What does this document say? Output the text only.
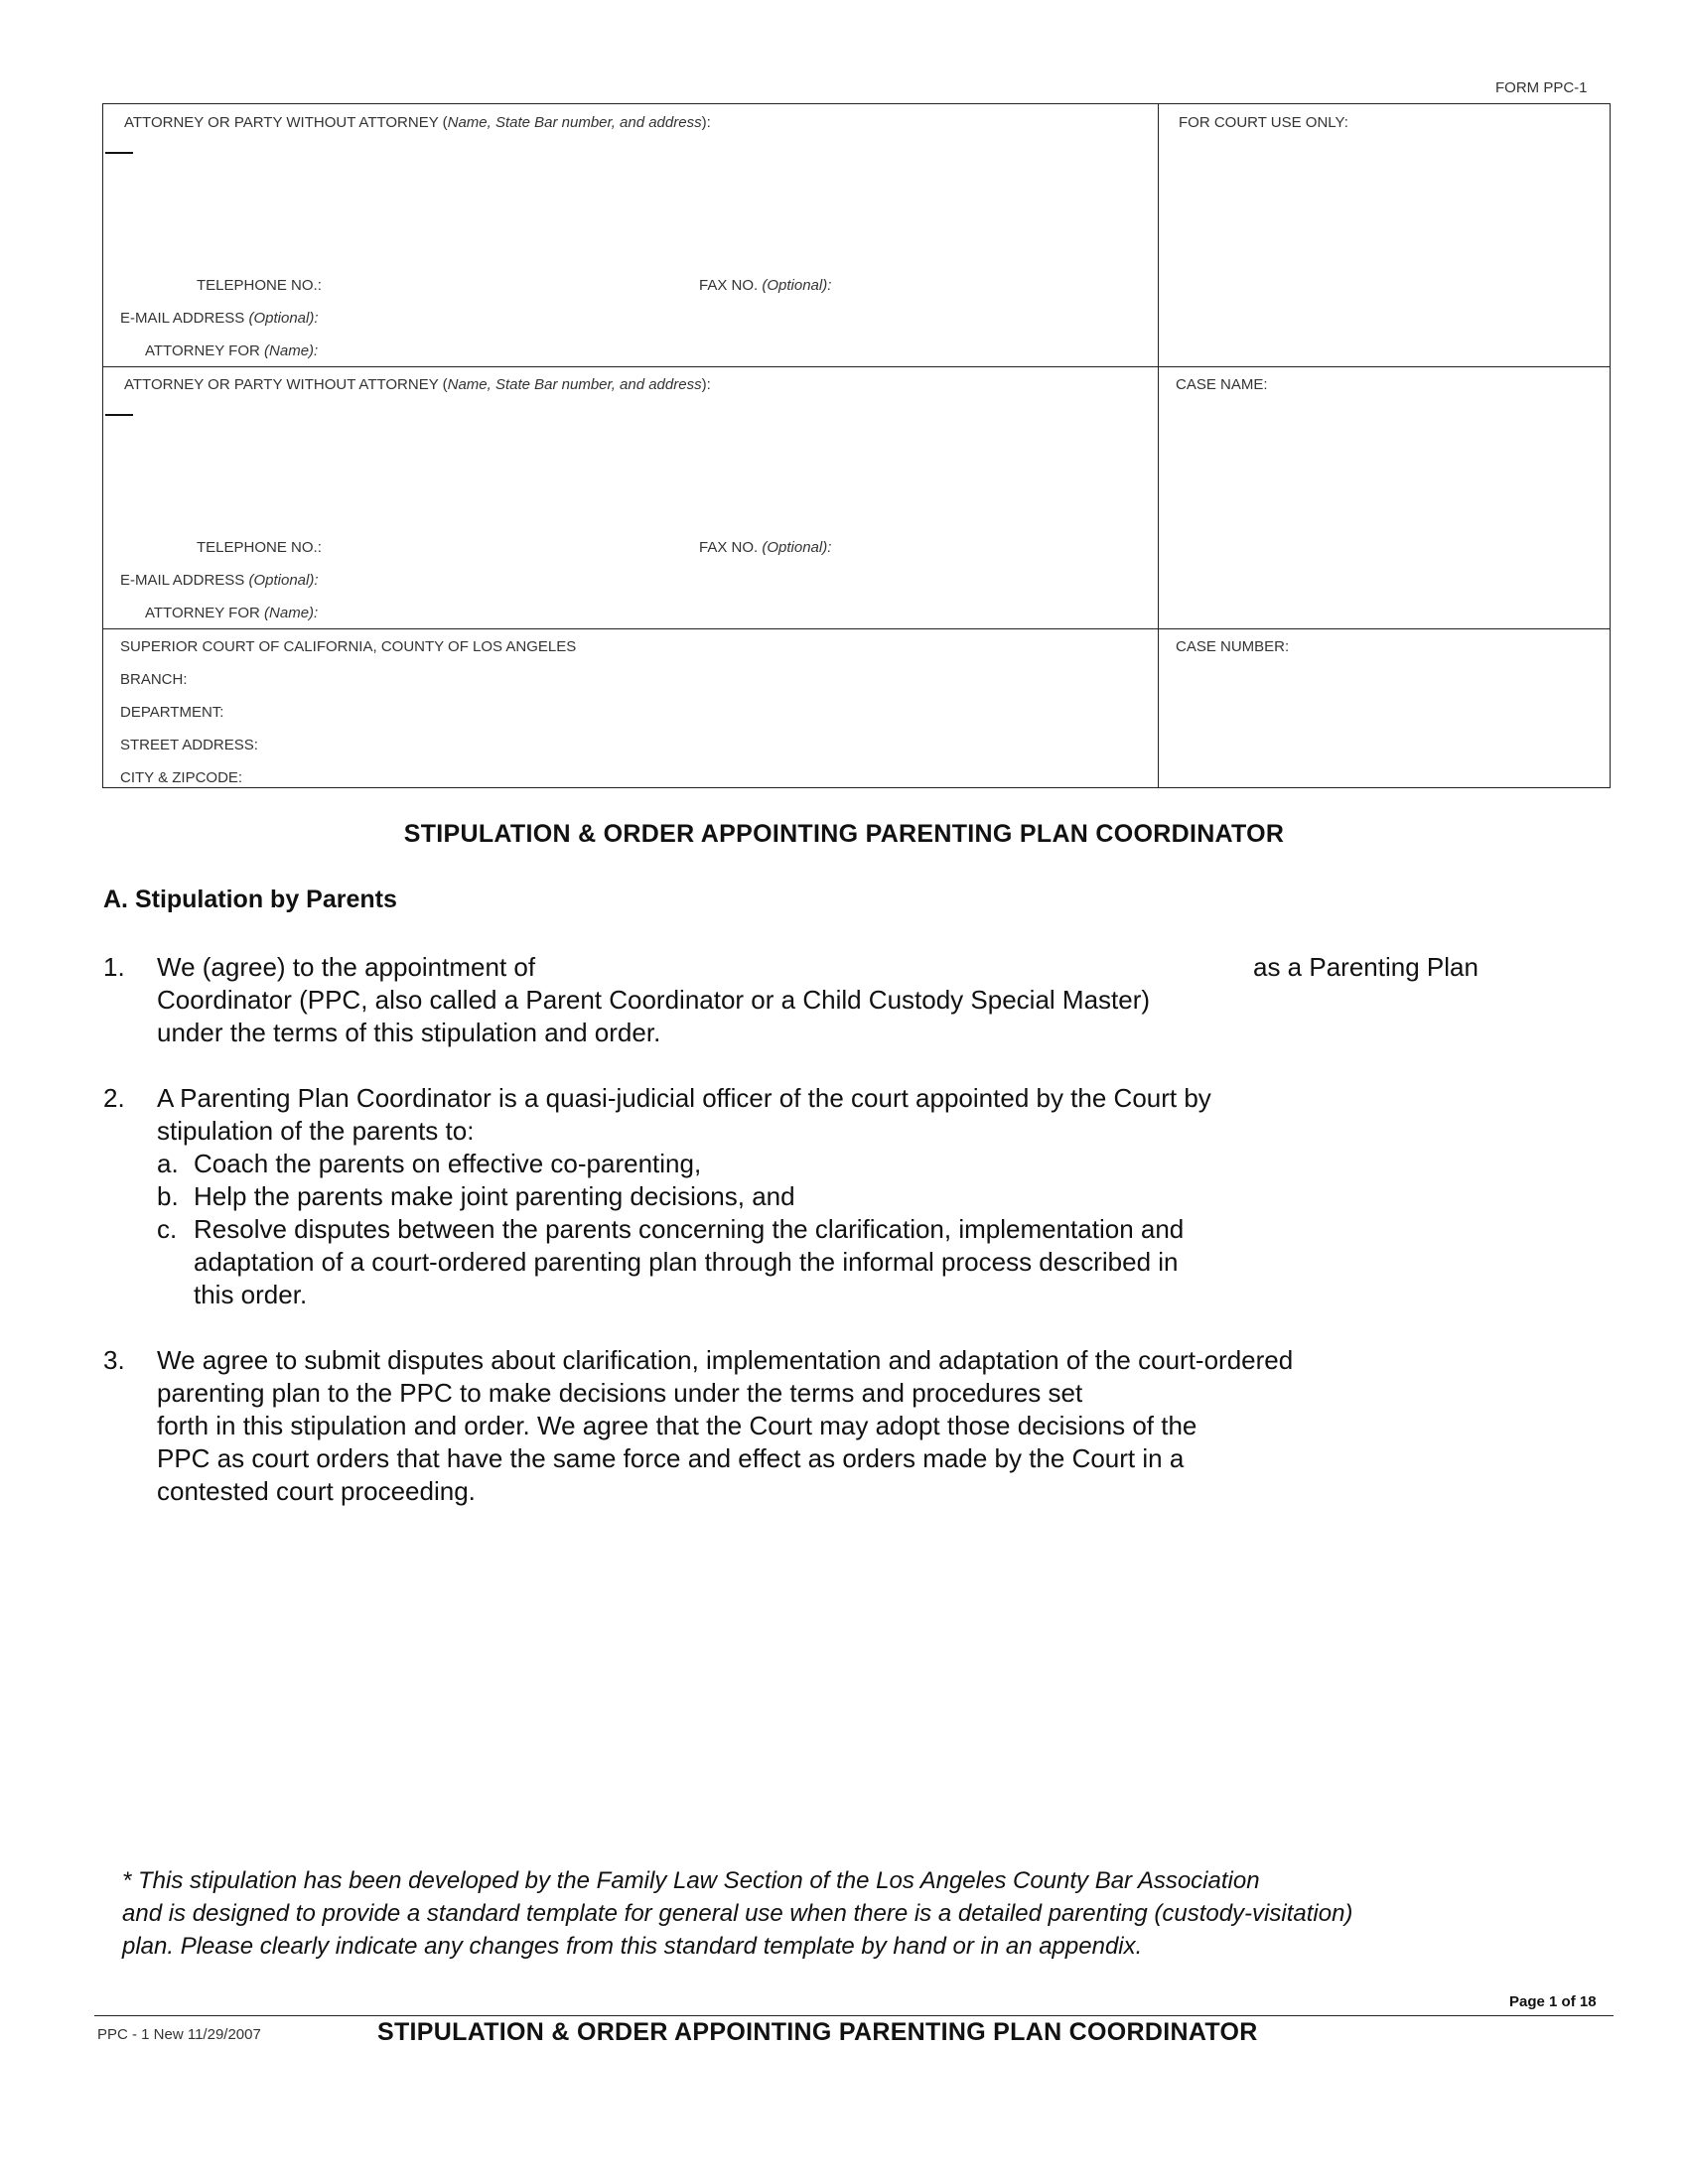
FORM PPC-1
ATTORNEY OR PARTY WITHOUT ATTORNEY (Name, State Bar number, and address):
TELEPHONE NO.:	FAX NO. (Optional):
E-MAIL ADDRESS (Optional):
ATTORNEY FOR (Name):
FOR COURT USE ONLY:
ATTORNEY OR PARTY WITHOUT ATTORNEY (Name, State Bar number, and address):
TELEPHONE NO.:	FAX NO. (Optional):
E-MAIL ADDRESS (Optional):
ATTORNEY FOR (Name):
CASE NAME:
SUPERIOR COURT OF CALIFORNIA, COUNTY OF LOS ANGELES
BRANCH:
DEPARTMENT:
STREET ADDRESS:
CITY & ZIPCODE:
CASE NUMBER:
STIPULATION & ORDER APPOINTING PARENTING PLAN COORDINATOR
A. Stipulation by Parents
1. We (agree) to the appointment of	as a Parenting Plan
Coordinator (PPC, also called a Parent Coordinator or a Child Custody Special Master)
under the terms of this stipulation and order.
2. A Parenting Plan Coordinator is a quasi-judicial officer of the court appointed by the Court by
stipulation of the parents to:
a. Coach the parents on effective co-parenting,
b. Help the parents make joint parenting decisions, and
c. Resolve disputes between the parents concerning the clarification, implementation and
adaptation of a court-ordered parenting plan through the informal process described in
this order.
3. We agree to submit disputes about clarification, implementation and adaptation of the court-ordered
parenting plan to the PPC to make decisions under the terms and procedures set
forth in this stipulation and order. We agree that the Court may adopt those decisions of the
PPC as court orders that have the same force and effect as orders made by the Court in a
contested court proceeding.
* This stipulation has been developed by the Family Law Section of the Los Angeles County Bar Association
and is designed to provide a standard template for general use when there is a detailed parenting (custody-visitation)
plan. Please clearly indicate any changes from this standard template by hand or in an appendix.
Page 1 of 18
PPC - 1 New 11/29/2007	STIPULATION & ORDER APPOINTING PARENTING PLAN COORDINATOR
